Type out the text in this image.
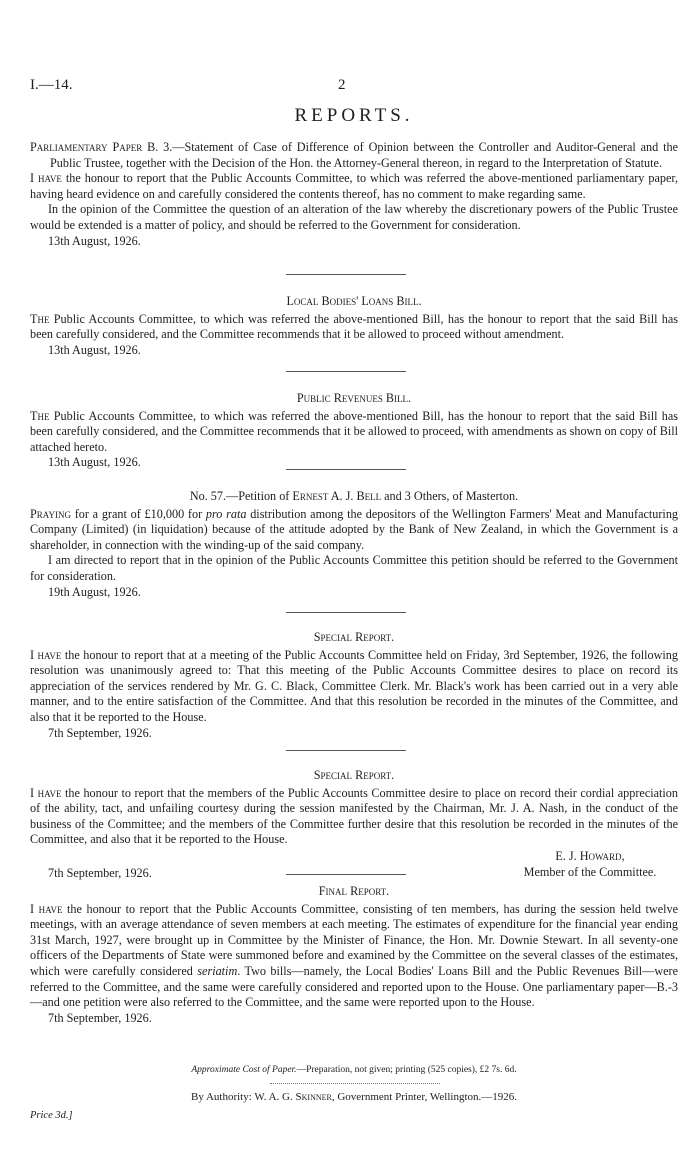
I.—14.	2
REPORTS.

Parliamentary Paper B. 3.—Statement of Case of Difference of Opinion between the Controller and Auditor-General and the Public Trustee, together with the Decision of the Hon. the Attorney-General thereon, in regard to the Interpretation of Statute.

I have the honour to report that the Public Accounts Committee, to which was referred the above-mentioned parliamentary paper, having heard evidence on and carefully considered the contents thereof, has no comment to make regarding same.

In the opinion of the Committee the question of an alteration of the law whereby the discretionary powers of the Public Trustee would be extended is a matter of policy, and should be referred to the Government for consideration.

13th August, 1926.

Local Bodies' Loans Bill.

The Public Accounts Committee, to which was referred the above-mentioned Bill, has the honour to report that the said Bill has been carefully considered, and the Committee recommends that it be allowed to proceed without amendment.

13th August, 1926.

Public Revenues Bill.

The Public Accounts Committee, to which was referred the above-mentioned Bill, has the honour to report that the said Bill has been carefully considered, and the Committee recommends that it be allowed to proceed, with amendments as shown on copy of Bill attached hereto.

13th August, 1926.

No. 57.—Petition of Ernest A. J. Bell and 3 Others, of Masterton.

Praying for a grant of £10,000 for pro rata distribution among the depositors of the Wellington Farmers' Meat and Manufacturing Company (Limited) (in liquidation) because of the attitude adopted by the Bank of New Zealand, in which the Government is a shareholder, in connection with the winding-up of the said company.

I am directed to report that in the opinion of the Public Accounts Committee this petition should be referred to the Government for consideration.

19th August, 1926.

Special Report.

I have the honour to report that at a meeting of the Public Accounts Committee held on Friday, 3rd September, 1926, the following resolution was unanimously agreed to: That this meeting of the Public Accounts Committee desires to place on record its appreciation of the services rendered by Mr. G. C. Black, Committee Clerk. Mr. Black's work has been carried out in a very able manner, and to the entire satisfaction of the Committee. And that this resolution be recorded in the minutes of the Committee, and also that it be reported to the House.

7th September, 1926.

Special Report.

I have the honour to report that the members of the Public Accounts Committee desire to place on record their cordial appreciation of the ability, tact, and unfailing courtesy during the session manifested by the Chairman, Mr. J. A. Nash, in the conduct of the business of the Committee; and the members of the Committee further desire that this resolution be recorded in the minutes of the Committee, and also that it be reported to the House.

E. J. Howard,
Member of the Committee.

7th September, 1926.

Final Report.

I have the honour to report that the Public Accounts Committee, consisting of ten members, has during the session held twelve meetings, with an average attendance of seven members at each meeting. The estimates of expenditure for the financial year ending 31st March, 1927, were brought up in Committee by the Minister of Finance, the Hon. Mr. Downie Stewart. In all seventy-one officers of the Departments of State were summoned before and examined by the Committee on the several classes of the estimates, which were carefully considered seriatim. Two bills—namely, the Local Bodies' Loans Bill and the Public Revenues Bill—were referred to the Committee, and the same were carefully considered and reported upon to the House. One parliamentary paper—B.-3—and one petition were also referred to the Committee, and the same were reported upon to the House.

7th September, 1926.

Approximate Cost of Paper.—Preparation, not given; printing (525 copies), £2 7s. 6d.
By Authority: W. A. G. Skinner, Government Printer, Wellington.—1926.
Price 3d.]
